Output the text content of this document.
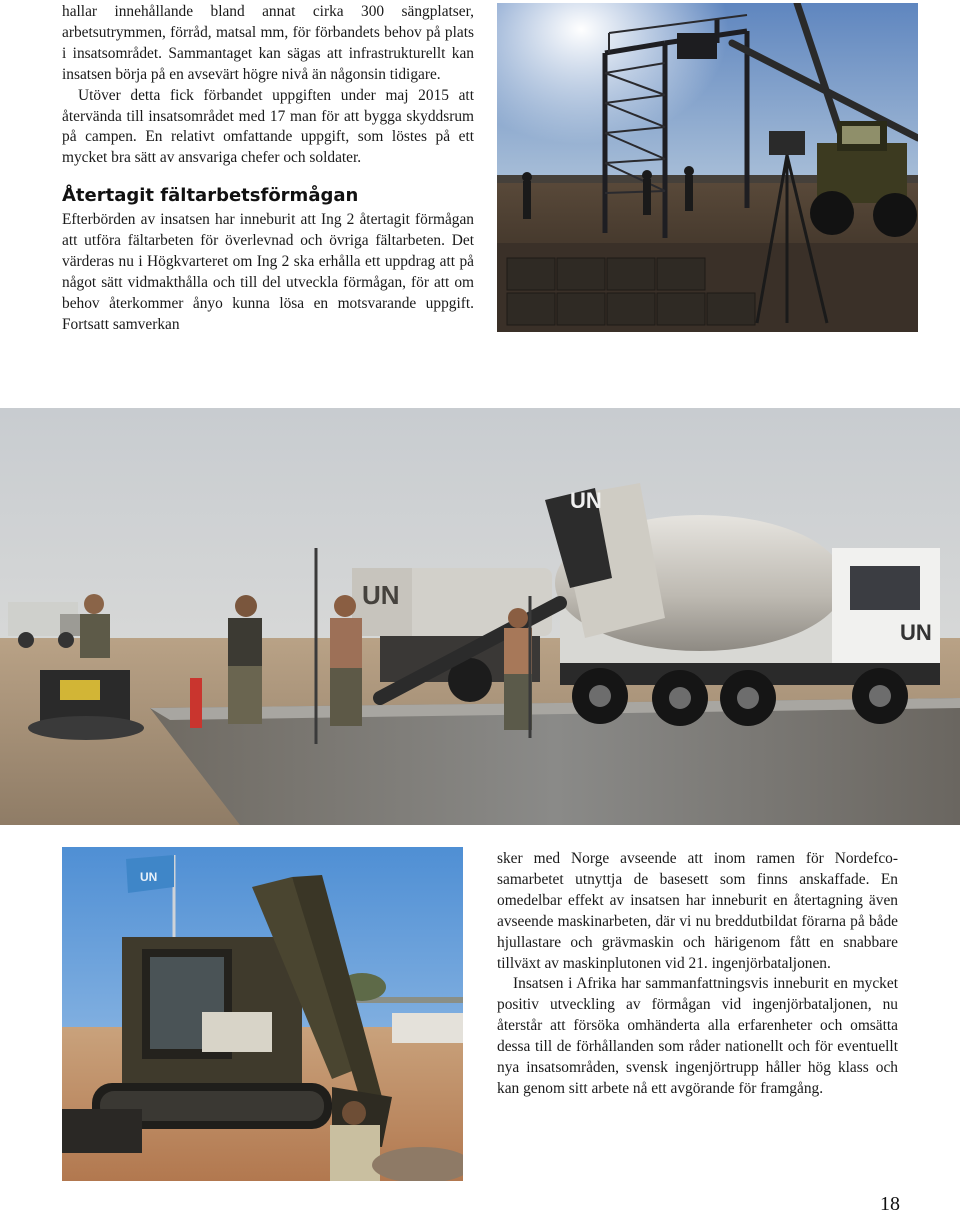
hallar innehållande bland annat cirka 300 sängplatser, arbetsutrymmen, förråd, matsal mm, för förbandets behov på plats i insatsområdet. Sammantaget kan sägas att infrastrukturellt kan insatsen börja på en avsevärt högre nivå än någonsin tidigare.

Utöver detta fick förbandet uppgiften under maj 2015 att återvända till insatsområdet med 17 man för att bygga skyddsrum på campen. En relativt omfattande uppgift, som löstes på ett mycket bra sätt av ansvariga chefer och soldater.

Återtagit fältarbetsförmågan

Efterbörden av insatsen har inneburit att Ing 2 återtagit förmågan att utföra fältarbeten för överlevnad och övriga fältarbeten. Det värderas nu i Högkvarteret om Ing 2 ska erhålla ett uppdrag att på något sätt vidmakthålla och till del utveckla förmågan, för att om behov återkommer ånyo kunna lösa en motsvarande uppgift. Fortsatt samverkan

UN
UN
UN
UN

sker med Norge avseende att inom ramen för Nordefco-samarbetet utnyttja de basesett som finns anskaffade. En omedelbar effekt av insatsen har inneburit en återtagning även avseende maskinarbeten, där vi nu breddutbildat förarna på både hjullastare och grävmaskin och härigenom fått en snabbare tillväxt av maskinplutonen vid 21. ingenjörbataljonen.

Insatsen i Afrika har sammanfattningsvis inneburit en mycket positiv utveckling av förmågan vid ingenjörbataljonen, nu återstår att försöka omhänderta alla erfarenheter och omsätta dessa till de förhållanden som råder nationellt och för eventuellt nya insatsområden, svensk ingenjörtrupp håller hög klass och kan genom sitt arbete nå ett avgörande för framgång.

18
